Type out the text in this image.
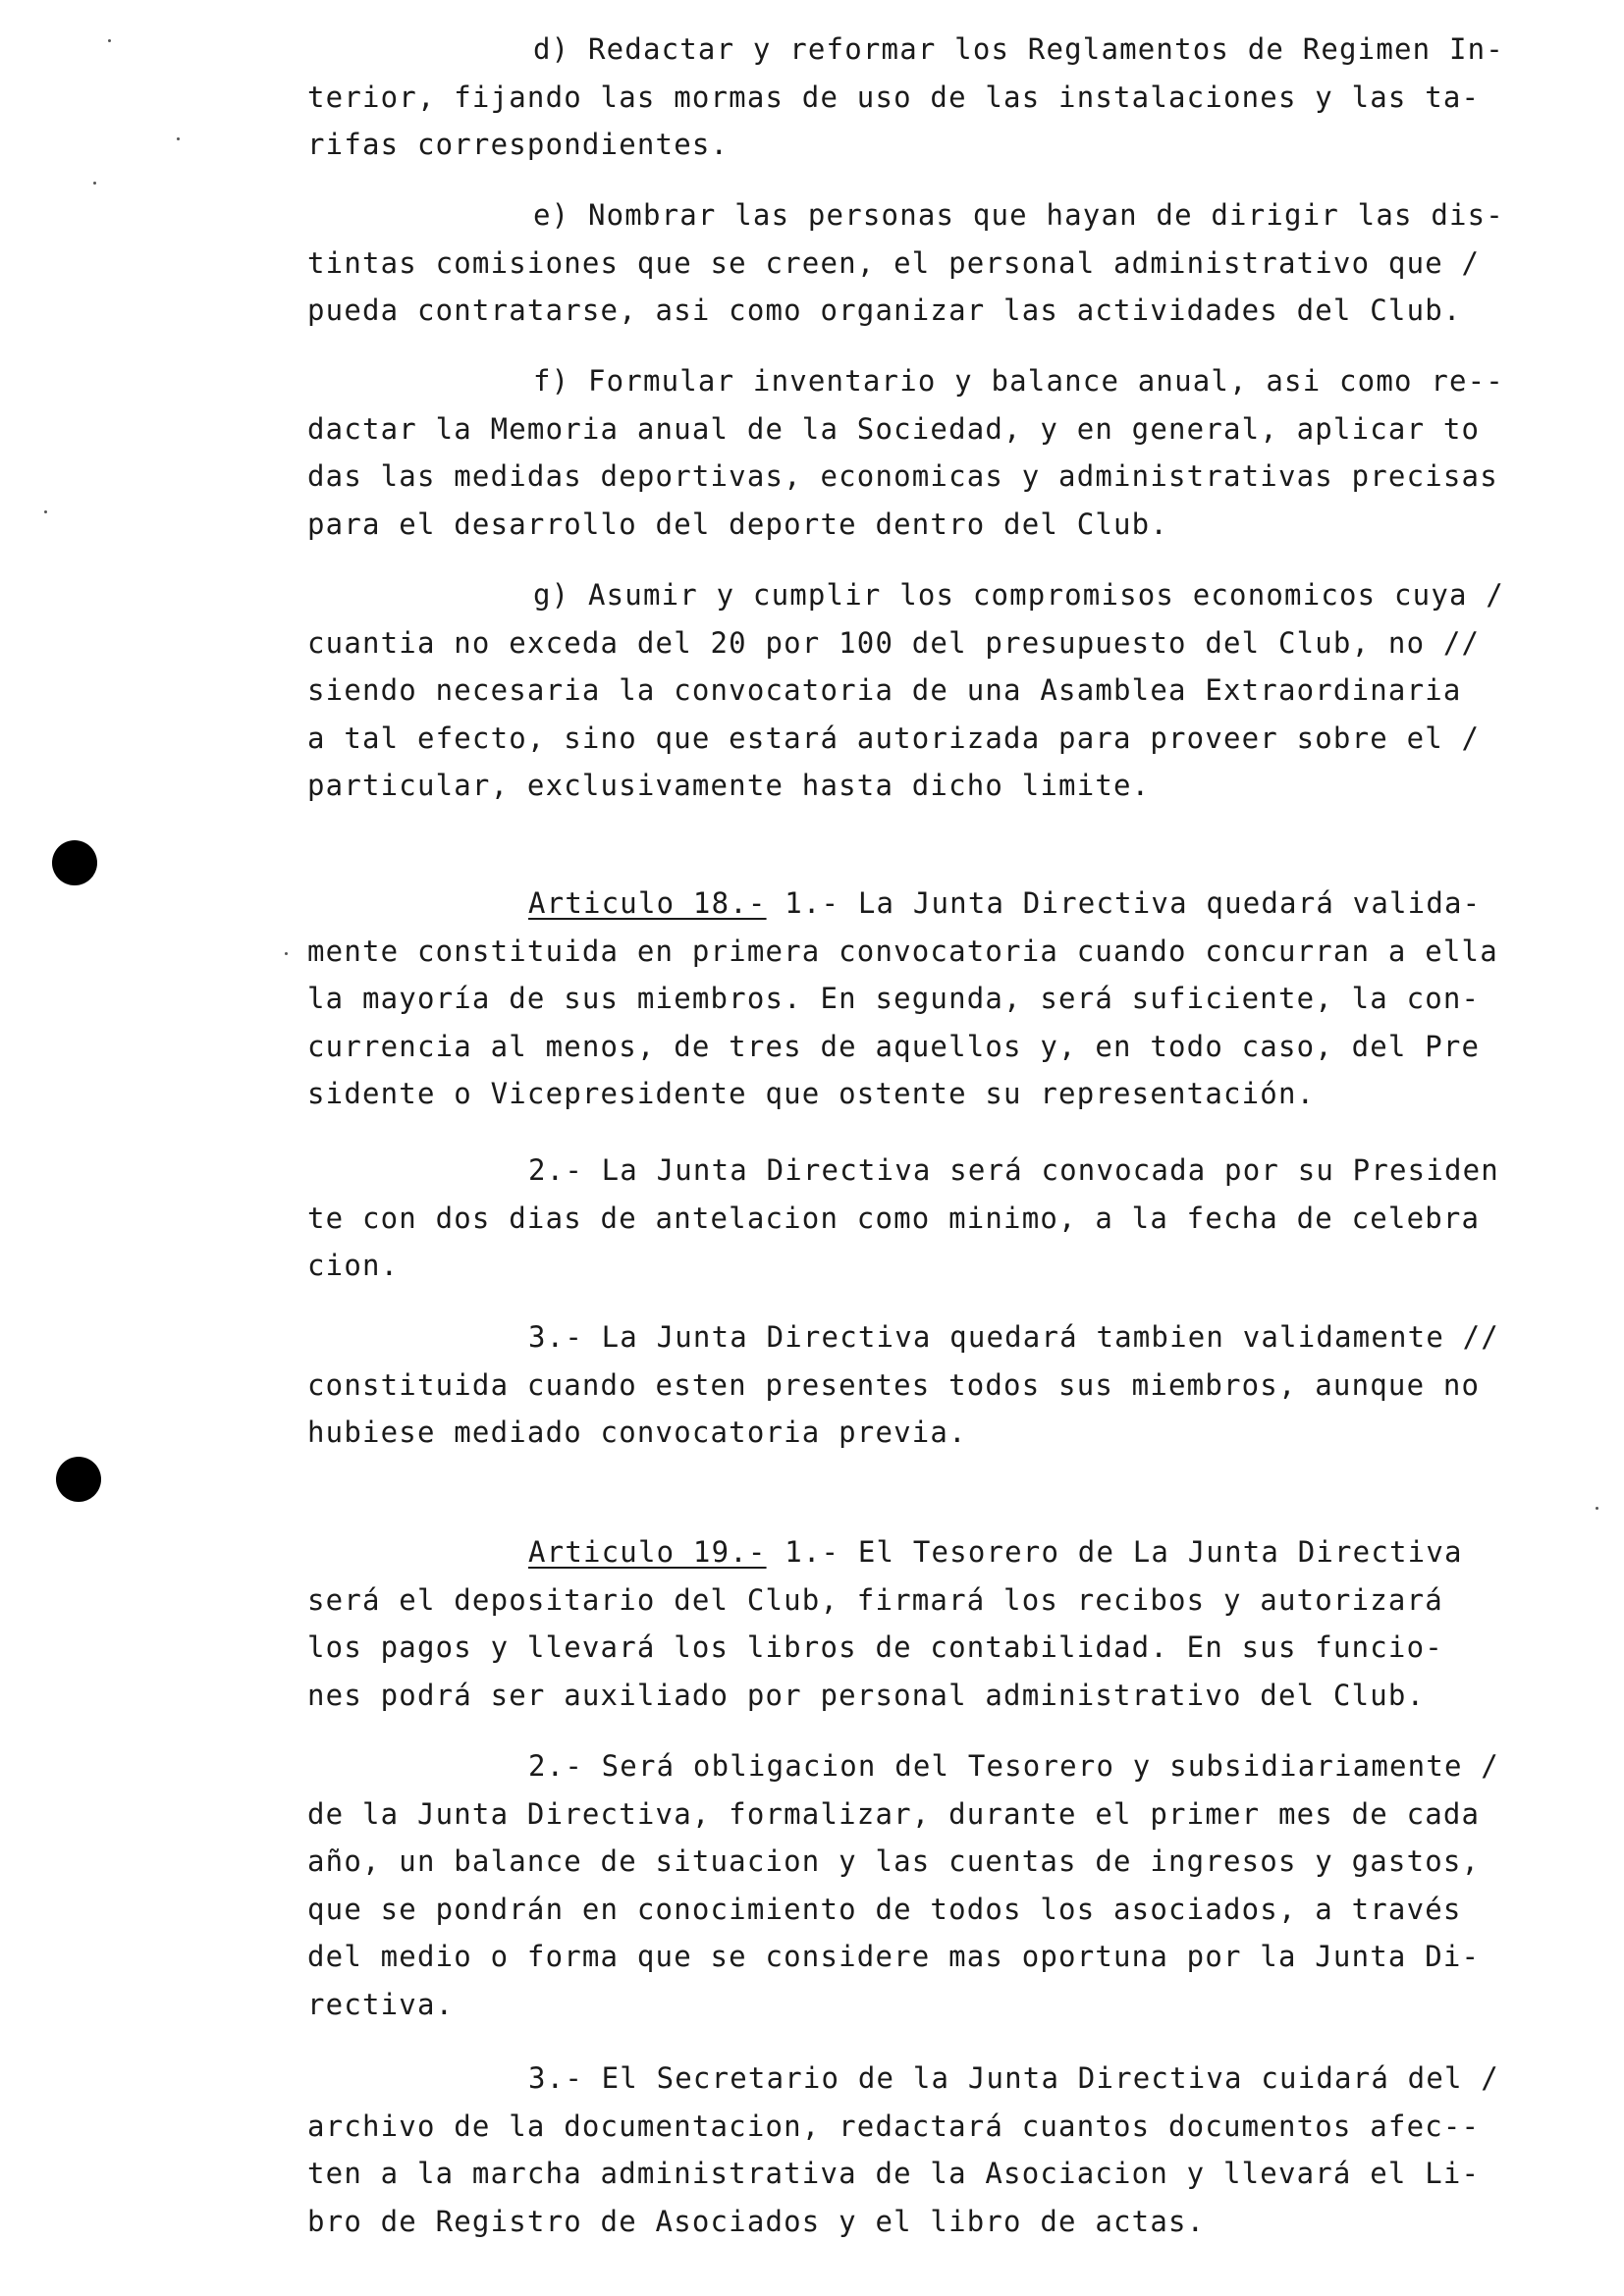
d) Redactar y reformar los Reglamentos de Regimen In-
terior, fijando las mormas de uso de las instalaciones y las ta-
rifas correspondientes.
e) Nombrar las personas que hayan de dirigir las dis-
tintas comisiones que se creen, el personal administrativo que /
pueda contratarse, asi como organizar las actividades del Club.
f) Formular inventario y balance anual, asi como re--
dactar la Memoria anual de la Sociedad, y en general, aplicar to
das las medidas deportivas, economicas y administrativas precisas
para el desarrollo del deporte dentro del Club.
g) Asumir y cumplir los compromisos economicos cuya /
cuantia no exceda del 20 por 100 del presupuesto del Club, no //
siendo necesaria la convocatoria de una Asamblea Extraordinaria
a tal efecto, sino que estará autorizada para proveer sobre el /
particular, exclusivamente hasta dicho limite.
Articulo 18.- 1.- La Junta Directiva quedará valida-
mente constituida en primera convocatoria cuando concurran a ella
la mayoría de sus miembros. En segunda, será suficiente, la con-
currencia al menos, de tres de aquellos y, en todo caso, del Pre
sidente o Vicepresidente que ostente su representación.
2.- La Junta Directiva será convocada por su Presiden
te con dos dias de antelacion como minimo, a la fecha de celebra
cion.
3.- La Junta Directiva quedará tambien validamente //
constituida cuando esten presentes todos sus miembros, aunque no
hubiese mediado convocatoria previa.
Articulo 19.- 1.- El Tesorero de La Junta Directiva
será el depositario del Club, firmará los recibos y autorizará
los pagos y llevará los libros de contabilidad. En sus funcio-
nes podrá ser auxiliado por personal administrativo del Club.
2.- Será obligacion del Tesorero y subsidiariamente /
de la Junta Directiva, formalizar, durante el primer mes de cada
año, un balance de situacion y las cuentas de ingresos y gastos,
que se pondrán en conocimiento de todos los asociados, a través
del medio o forma que se considere mas oportuna por la Junta Di-
rectiva.
3.- El Secretario de la Junta Directiva cuidará del /
archivo de la documentacion, redactará cuantos documentos afec--
ten a la marcha administrativa de la Asociacion y llevará el Li-
bro de Registro de Asociados y el libro de actas.
